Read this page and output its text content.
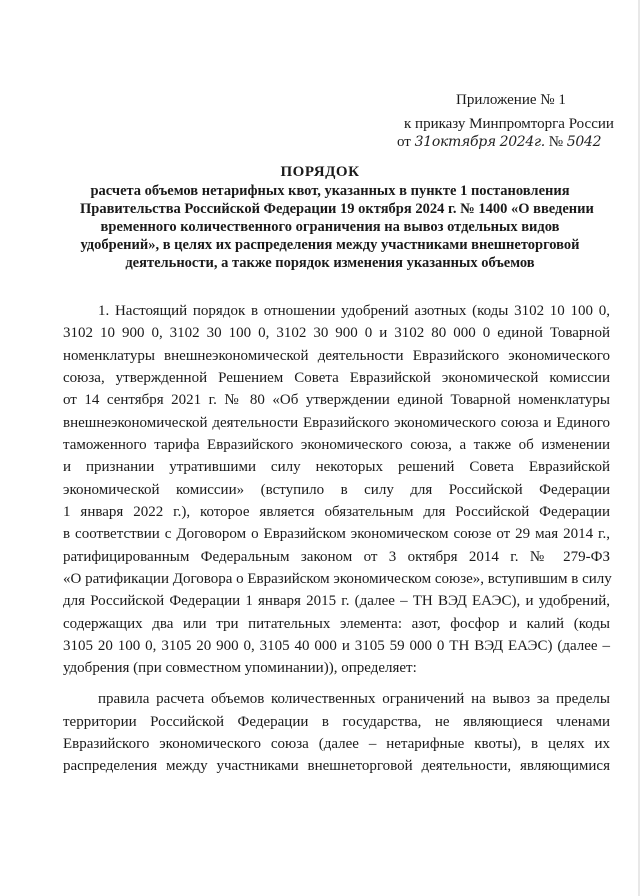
Приложение № 1
к приказу Минпромторга России
от 31октября 2024г. № 5042
ПОРЯДОК
расчета объемов нетарифных квот, указанных в пункте 1 постановления
Правительства Российской Федерации 19 октября 2024 г. № 1400 «О введении
временного количественного ограничения на вывоз отдельных видов
удобрений», в целях их распределения между участниками внешнеторговой
деятельности, а также порядок изменения указанных объемов
1. Настоящий порядок в отношении удобрений азотных (коды 3102 10 100 0,
3102 10 900 0, 3102 30 100 0, 3102 30 900 0 и 3102 80 000 0 единой Товарной
номенклатуры внешнеэкономической деятельности Евразийского экономического
союза, утвержденной Решением Совета Евразийской экономической комиссии
от 14 сентября 2021 г. № 80 «Об утверждении единой Товарной номенклатуры
внешнеэкономической деятельности Евразийского экономического союза и Единого
таможенного тарифа Евразийского экономического союза, а также об изменении
и признании утратившими силу некоторых решений Совета Евразийской
экономической комиссии» (вступило в силу для Российской Федерации
1 января 2022 г.), которое является обязательным для Российской Федерации
в соответствии с Договором о Евразийском экономическом союзе от 29 мая 2014 г.,
ратифицированным Федеральным законом от 3 октября 2014 г. № 279-ФЗ
«О ратификации Договора о Евразийском экономическом союзе», вступившим в силу
для Российской Федерации 1 января 2015 г. (далее – ТН ВЭД ЕАЭС), и удобрений,
содержащих два или три питательных элемента: азот, фосфор и калий (коды
3105 20 100 0, 3105 20 900 0, 3105 40 000 и 3105 59 000 0 ТН ВЭД ЕАЭС) (далее –
удобрения (при совместном упоминании)), определяет:
правила расчета объемов количественных ограничений на вывоз за пределы
территории Российской Федерации в государства, не являющиеся членами
Евразийского экономического союза (далее – нетарифные квоты), в целях их
распределения между участниками внешнеторговой деятельности, являющимися
